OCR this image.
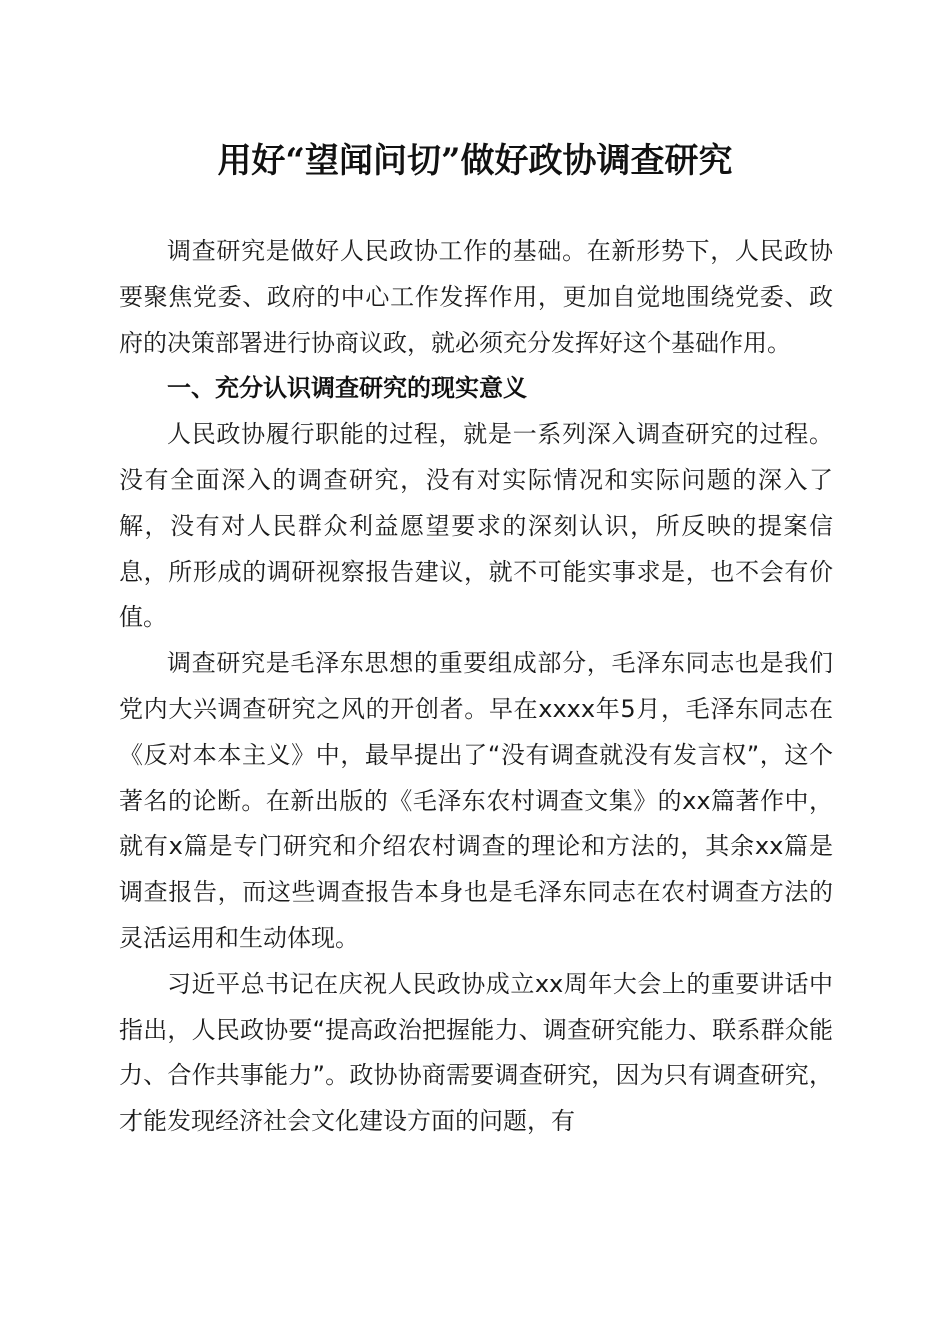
用好“望闻问切”做好政协调查研究

调查研究是做好人民政协工作的基础。在新形势下，人民政协要聚焦党委、政府的中心工作发挥作用，更加自觉地围绕党委、政府的决策部署进行协商议政，就必须充分发挥好这个基础作用。

一、充分认识调查研究的现实意义

人民政协履行职能的过程，就是一系列深入调查研究的过程。没有全面深入的调查研究，没有对实际情况和实际问题的深入了解，没有对人民群众利益愿望要求的深刻认识，所反映的提案信息，所形成的调研视察报告建议，就不可能实事求是，也不会有价值。

调查研究是毛泽东思想的重要组成部分，毛泽东同志也是我们党内大兴调查研究之风的开创者。早在xxxx年5月，毛泽东同志在《反对本本主义》中，最早提出了“没有调查就没有发言权”，这个著名的论断。在新出版的《毛泽东农村调查文集》的xx篇著作中，就有x篇是专门研究和介绍农村调查的理论和方法的，其余xx篇是调查报告，而这些调查报告本身也是毛泽东同志在农村调查方法的灵活运用和生动体现。

习近平总书记在庆祝人民政协成立xx周年大会上的重要讲话中指出，人民政协要“提高政治把握能力、调查研究能力、联系群众能力、合作共事能力”。政协协商需要调查研究，因为只有调查研究，才能发现经济社会文化建设方面的问题，有
